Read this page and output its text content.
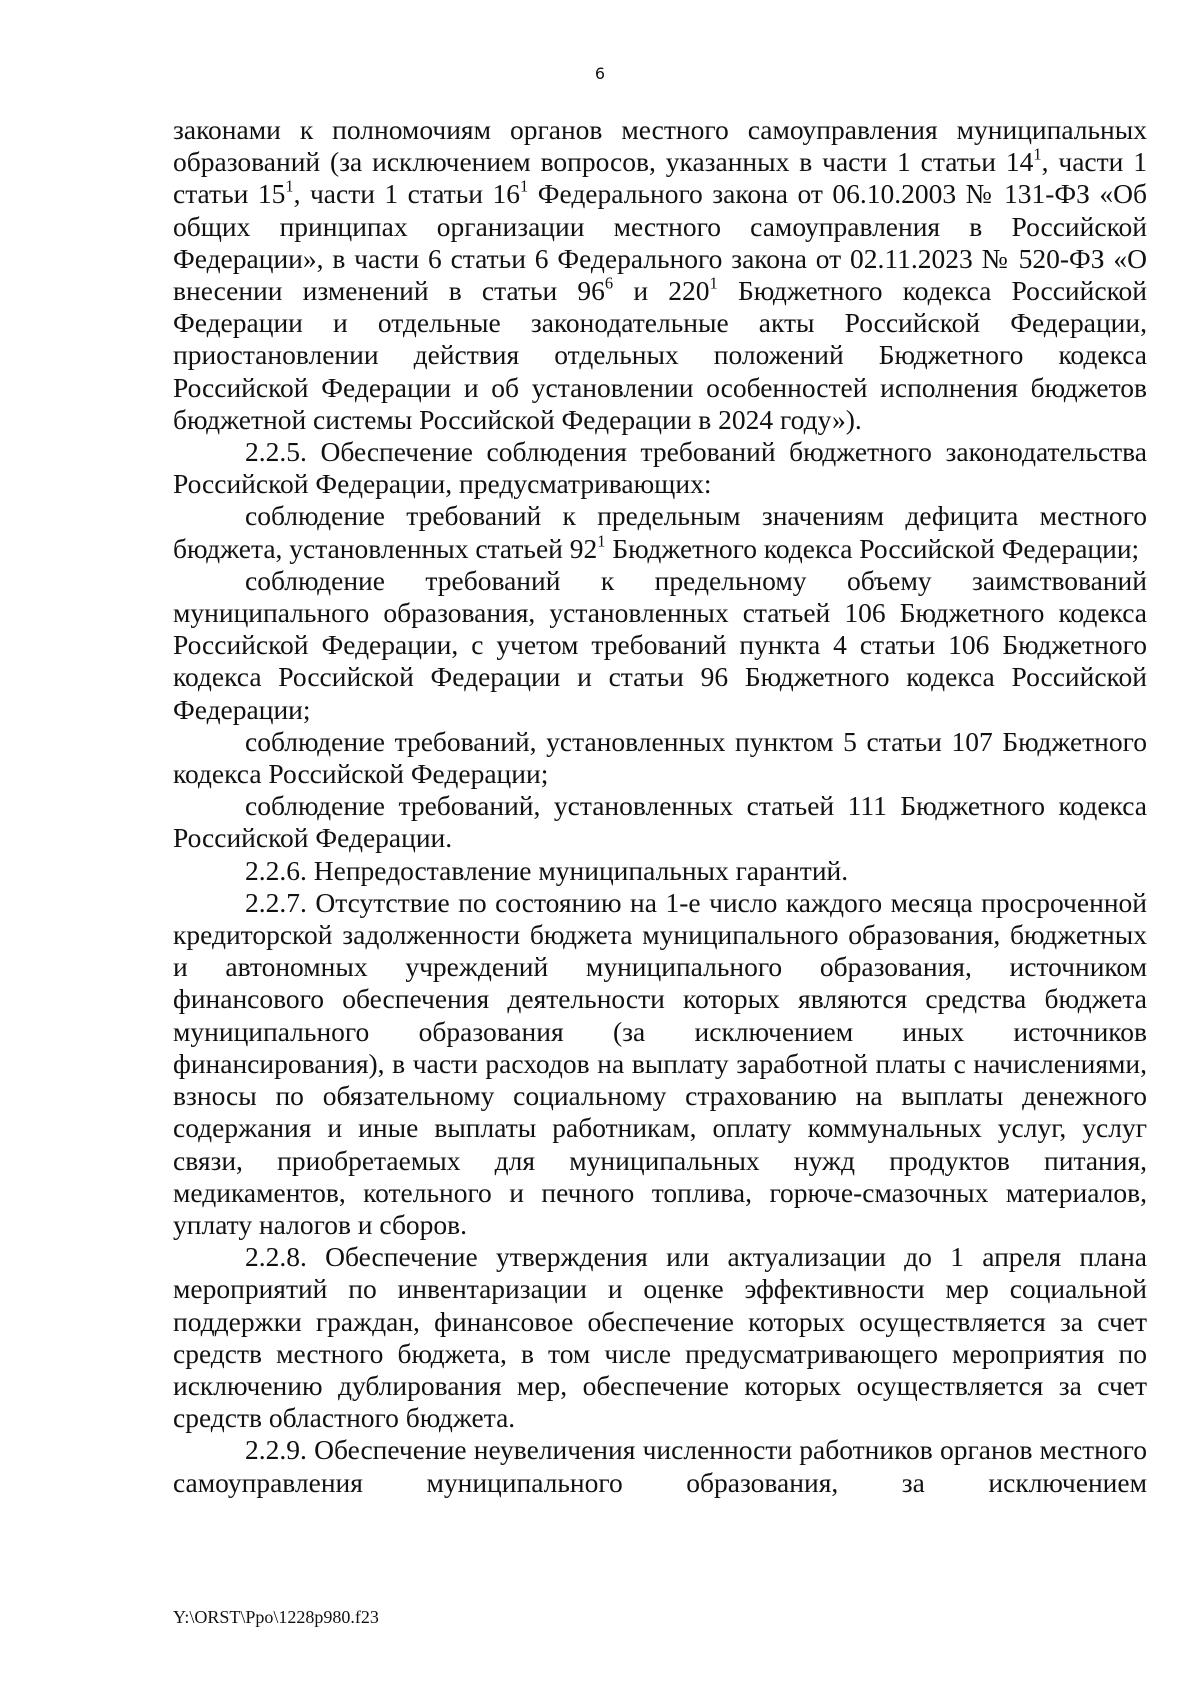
6

законами к полномочиям органов местного самоуправления муниципальных образований (за исключением вопросов, указанных в части 1 статьи $14^1$, части 1 статьи $15^1$, части 1 статьи $16^1$ Федерального закона от 06.10.2003 № 131-ФЗ «Об общих принципах организации местного самоуправления в Российской Федерации», в части 6 статьи 6 Федерального закона от 02.11.2023 № 520-ФЗ «О внесении изменений в статьи $96^6$ и $220^1$ Бюджетного кодекса Российской Федерации и отдельные законодательные акты Российской Федерации, приостановлении действия отдельных положений Бюджетного кодекса Российской Федерации и об установлении особенностей исполнения бюджетов бюджетной системы Российской Федерации в 2024 году»).

2.2.5. Обеспечение соблюдения требований бюджетного законодательства Российской Федерации, предусматривающих:

соблюдение требований к предельным значениям дефицита местного бюджета, установленных статьей $92^1$ Бюджетного кодекса Российской Федерации;

соблюдение требований к предельному объему заимствований муниципального образования, установленных статьей 106 Бюджетного кодекса Российской Федерации, с учетом требований пункта 4 статьи 106 Бюджетного кодекса Российской Федерации и статьи 96 Бюджетного кодекса Российской Федерации;

соблюдение требований, установленных пунктом 5 статьи 107 Бюджетного кодекса Российской Федерации;

соблюдение требований, установленных статьей 111 Бюджетного кодекса Российской Федерации.

2.2.6. Непредоставление муниципальных гарантий.

2.2.7. Отсутствие по состоянию на 1-е число каждого месяца просроченной кредиторской задолженности бюджета муниципального образования, бюджетных и автономных учреждений муниципального образования, источником финансового обеспечения деятельности которых являются средства бюджета муниципального образования (за исключением иных источников финансирования), в части расходов на выплату заработной платы с начислениями, взносы по обязательному социальному страхованию на выплаты денежного содержания и иные выплаты работникам, оплату коммунальных услуг, услуг связи, приобретаемых для муниципальных нужд продуктов питания, медикаментов, котельного и печного топлива, горюче-смазочных материалов, уплату налогов и сборов.

2.2.8. Обеспечение утверждения или актуализации до 1 апреля плана мероприятий по инвентаризации и оценке эффективности мер социальной поддержки граждан, финансовое обеспечение которых осуществляется за счет средств местного бюджета, в том числе предусматривающего мероприятия по исключению дублирования мер, обеспечение которых осуществляется за счет средств областного бюджета.

2.2.9. Обеспечение неувеличения численности работников органов местного самоуправления муниципального образования, за исключением

Y:\ORST\Ppo\1228p980.f23
